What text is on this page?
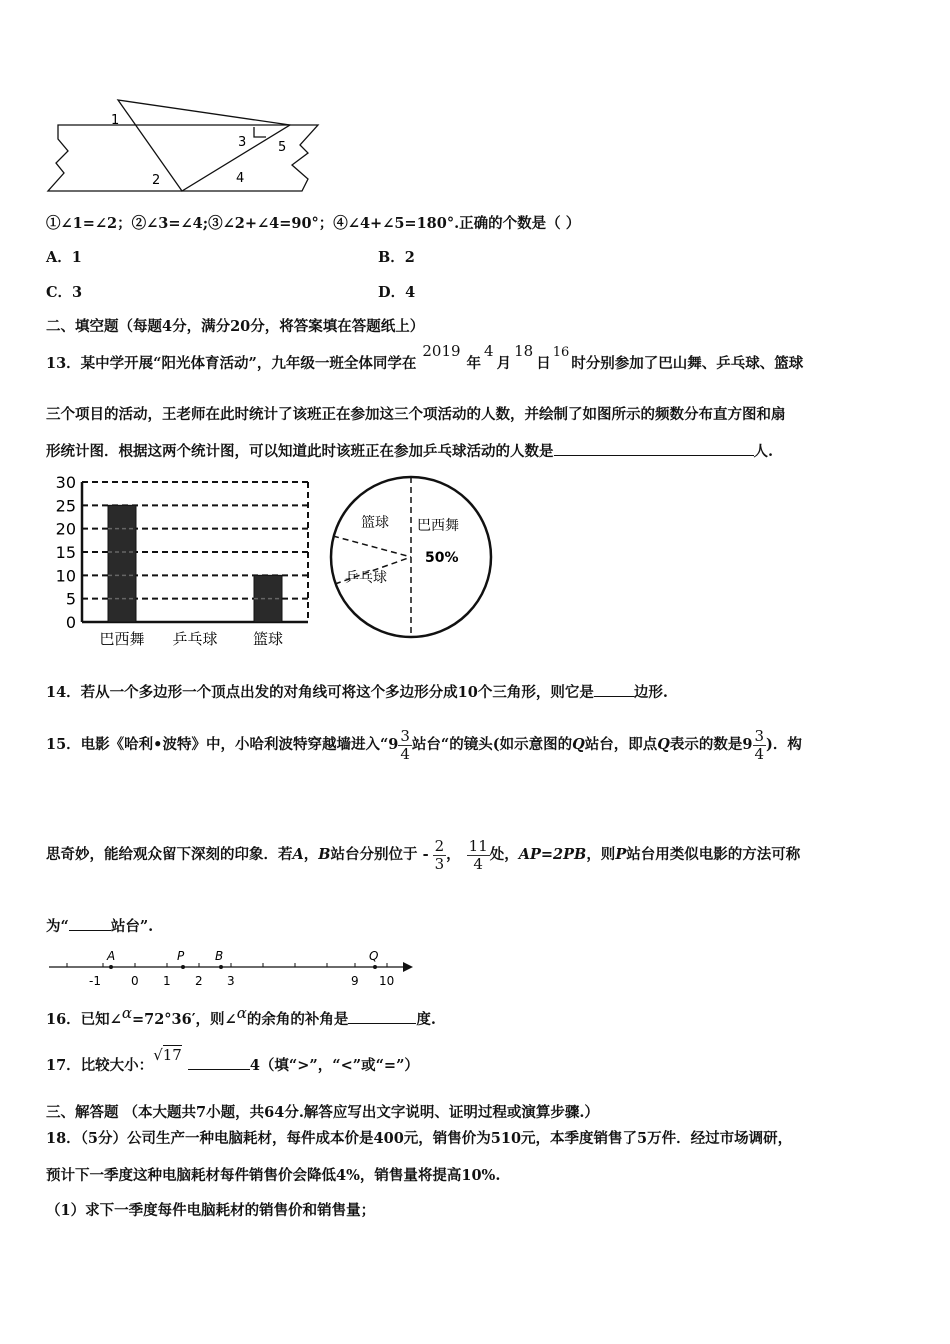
1
2
3
4
5
①∠1=∠2；②∠3=∠4;③∠2+∠4=90°；④∠4+∠5=180°.正确的个数是（ ）
A．1	B．2
C．3	D．4
二、填空题（每题4分，满分20分，将答案填在答题纸上）
13．某中学开展“阳光体育活动”，九年级一班全体同学在2019年4月18日16时分别参加了巴山舞、乒乓球、篮球
三个项目的活动，王老师在此时统计了该班正在参加这三个项活动的人数，并绘制了如图所示的频数分布直方图和扇
形统计图．根据这两个统计图，可以知道此时该班正在参加乒乓球活动的人数是	人.
30
25
20
15
10
5
0
巴西舞 乒乓球 篮球
篮球 巴西舞
50%
乒乓球
14．若从一个多边形一个顶点出发的对角线可将这个多边形分成10个三角形，则它是	边形.
15．电影《哈利•波特》中，小哈利波特穿越墙进入“$9 \frac{3}{4}$ 站台“的镜头(如示意图的Q站台，即点Q表示的数是$9 \frac{3}{4}$ )．构
思奇妙，能给观众留下深刻的印象．若A，B站台分别位于 - $\frac{2}{3}$ ， $\frac{11}{4}$ 处，AP=2PB，则P站台用类似电影的方法可称
为“	站台”.
A	P	B	Q
-1	0 1 2 3	9 10
16．已知∠α=72°36′，则∠α的余角的补角是	度.
17．比较大小：√174（填“>”，“<”或“=”）
三、解答题 （本大题共7小题，共64分.解答应写出文字说明、证明过程或演算步骤.）
18．（5分）公司生产一种电脑耗材，每件成本价是400元，销售价为510元，本季度销售了5万件．经过市场调研，
预计下一季度这种电脑耗材每件销售价会降低4%，销售量将提高10%.
（1）求下一季度每件电脑耗材的销售价和销售量；
